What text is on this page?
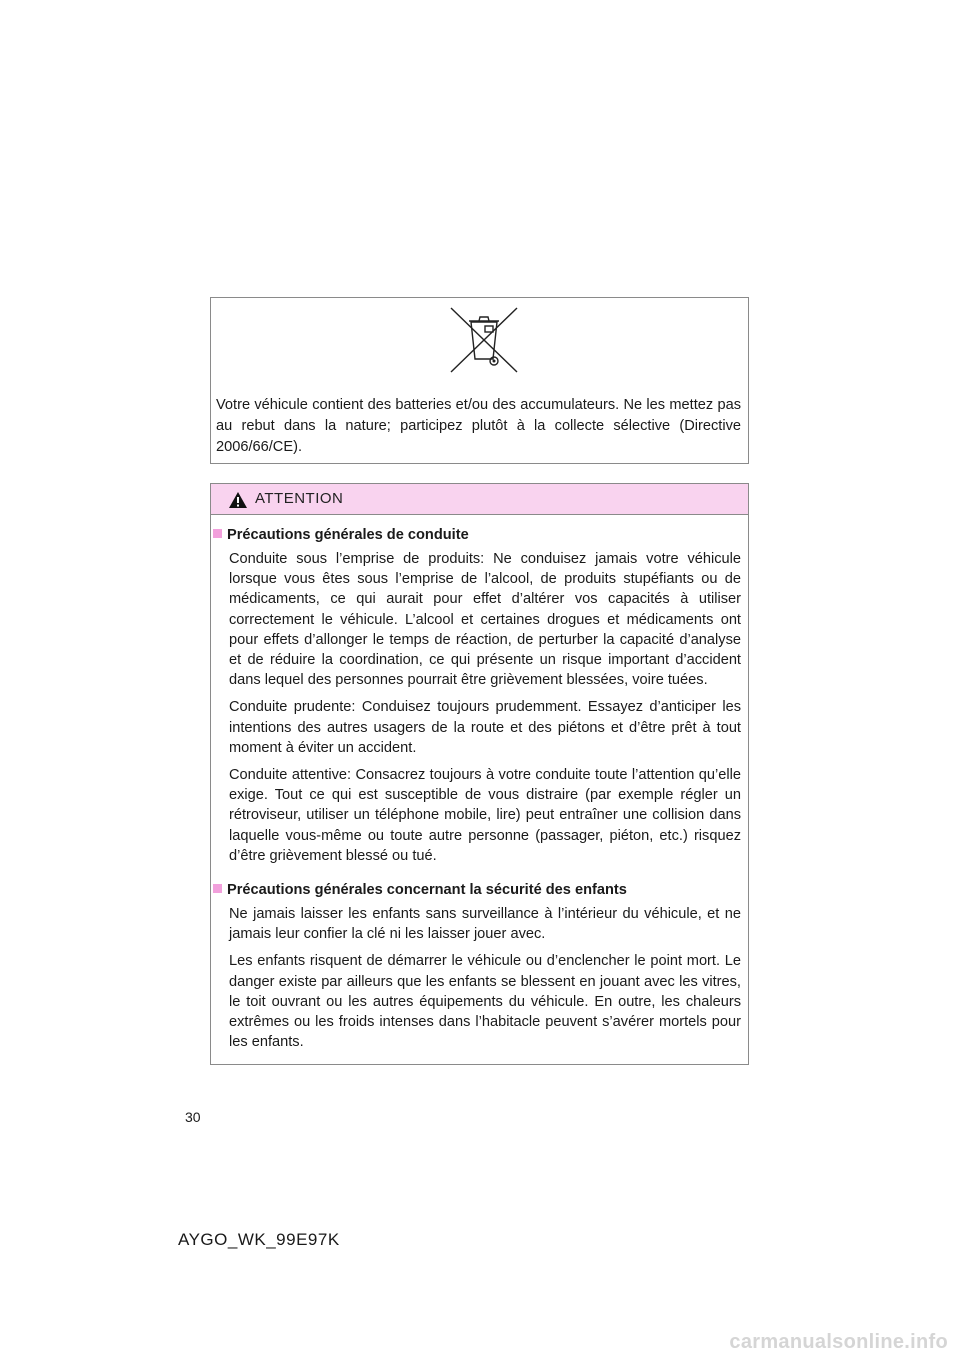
Votre véhicule contient des batteries et/ou des accumulateurs. Ne les mettez pas au rebut dans la nature; participez plutôt à la collecte sélective (Directive 2006/66/CE).

ATTENTION

Précautions générales de conduite

Conduite sous l’emprise de produits: Ne conduisez jamais votre véhicule lorsque vous êtes sous l’emprise de l’alcool, de produits stupéfiants ou de médicaments, ce qui aurait pour effet d’altérer vos capacités à utiliser correctement le véhicule. L’alcool et certaines drogues et médicaments ont pour effets d’allonger le temps de réaction, de perturber la capacité d’analyse et de réduire la coordination, ce qui présente un risque important d’accident dans lequel des personnes pourrait être grièvement blessées, voire tuées.

Conduite prudente: Conduisez toujours prudemment. Essayez d’anticiper les intentions des autres usagers de la route et des piétons et d’être prêt à tout moment à éviter un accident.

Conduite attentive: Consacrez toujours à votre conduite toute l’attention qu’elle exige. Tout ce qui est susceptible de vous distraire (par exemple régler un rétroviseur, utiliser un téléphone mobile, lire) peut entraîner une collision dans laquelle vous-même ou toute autre personne (passager, piéton, etc.) risquez d’être grièvement blessé ou tué.

Précautions générales concernant la sécurité des enfants

Ne jamais laisser les enfants sans surveillance à l’intérieur du véhicule, et ne jamais leur confier la clé ni les laisser jouer avec.

Les enfants risquent de démarrer le véhicule ou d’enclencher le point mort. Le danger existe par ailleurs que les enfants se blessent en jouant avec les vitres, le toit ouvrant ou les autres équipements du véhicule. En outre, les chaleurs extrêmes ou les froids intenses dans l’habitacle peuvent s’avérer mortels pour les enfants.

30
AYGO_WK_99E97K
carmanualsonline.info
